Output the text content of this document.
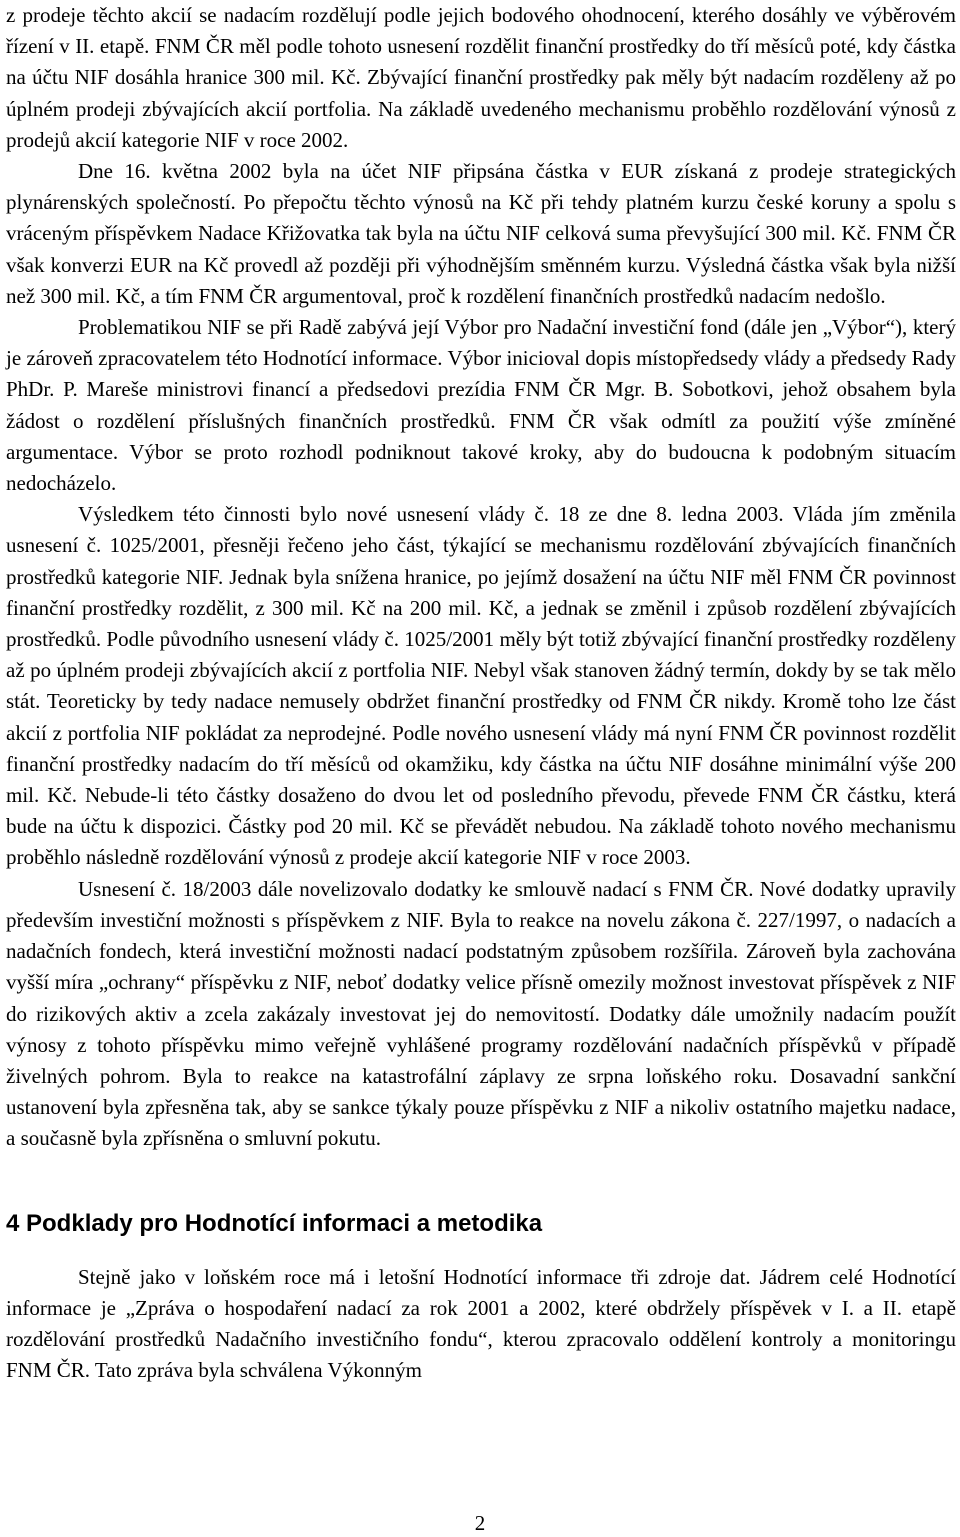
z prodeje těchto akcií se nadacím rozdělují podle jejich bodového ohodnocení, kterého dosáhly ve výběrovém řízení v II. etapě. FNM ČR měl podle tohoto usnesení rozdělit finanční prostředky do tří měsíců poté, kdy částka na účtu NIF dosáhla hranice 300 mil. Kč. Zbývající finanční prostředky pak měly být nadacím rozděleny až po úplném prodeji zbývajících akcií portfolia. Na základě uvedeného mechanismu proběhlo rozdělování výnosů z prodejů akcií kategorie NIF v roce 2002.

Dne 16. května 2002 byla na účet NIF připsána částka v EUR získaná z prodeje strategických plynárenských společností. Po přepočtu těchto výnosů na Kč při tehdy platném kurzu české koruny a spolu s vráceným příspěvkem Nadace Křižovatka tak byla na účtu NIF celková suma převyšující 300 mil. Kč. FNM ČR však konverzi EUR na Kč provedl až později při výhodnějším směnném kurzu. Výsledná částka však byla nižší než 300 mil. Kč, a tím FNM ČR argumentoval, proč k rozdělení finančních prostředků nadacím nedošlo.

Problematikou NIF se při Radě zabývá její Výbor pro Nadační investiční fond (dále jen „Výbor“), který je zároveň zpracovatelem této Hodnotící informace. Výbor inicioval dopis místopředsedy vlády a předsedy Rady PhDr. P. Mareše ministrovi financí a předsedovi prezídia FNM ČR Mgr. B. Sobotkovi, jehož obsahem byla žádost o rozdělení příslušných finančních prostředků. FNM ČR však odmítl za použití výše zmíněné argumentace. Výbor se proto rozhodl podniknout takové kroky, aby do budoucna k podobným situacím nedocházelo.

Výsledkem této činnosti bylo nové usnesení vlády č. 18 ze dne 8. ledna 2003. Vláda jím změnila usnesení č. 1025/2001, přesněji řečeno jeho část, týkající se mechanismu rozdělování zbývajících finančních prostředků kategorie NIF. Jednak byla snížena hranice, po jejímž dosažení na účtu NIF měl FNM ČR povinnost finanční prostředky rozdělit, z 300 mil. Kč na 200 mil. Kč, a jednak se změnil i způsob rozdělení zbývajících prostředků. Podle původního usnesení vlády č. 1025/2001 měly být totiž zbývající finanční prostředky rozděleny až po úplném prodeji zbývajících akcií z portfolia NIF. Nebyl však stanoven žádný termín, dokdy by se tak mělo stát. Teoreticky by tedy nadace nemusely obdržet finanční prostředky od FNM ČR nikdy. Kromě toho lze část akcií z portfolia NIF pokládat za neprodejné. Podle nového usnesení vlády má nyní FNM ČR povinnost rozdělit finanční prostředky nadacím do tří měsíců od okamžiku, kdy částka na účtu NIF dosáhne minimální výše 200 mil. Kč. Nebude-li této částky dosaženo do dvou let od posledního převodu, převede FNM ČR částku, která bude na účtu k dispozici. Částky pod 20 mil. Kč se převádět nebudou. Na základě tohoto nového mechanismu proběhlo následně rozdělování výnosů z prodeje akcií kategorie NIF v roce 2003.

Usnesení č. 18/2003 dále novelizovalo dodatky ke smlouvě nadací s FNM ČR. Nové dodatky upravily především investiční možnosti s příspěvkem z NIF. Byla to reakce na novelu zákona č. 227/1997, o nadacích a nadačních fondech, která investiční možnosti nadací podstatným způsobem rozšířila. Zároveň byla zachována vyšší míra „ochrany“ příspěvku z NIF, neboť dodatky velice přísně omezily možnost investovat příspěvek z NIF do rizikových aktiv a zcela zakázaly investovat jej do nemovitostí. Dodatky dále umožnily nadacím použít výnosy z tohoto příspěvku mimo veřejně vyhlášené programy rozdělování nadačních příspěvků v případě živelných pohrom. Byla to reakce na katastrofální záplavy ze srpna loňského roku. Dosavadní sankční ustanovení byla zpřesněna tak, aby se sankce týkaly pouze příspěvku z NIF a nikoliv ostatního majetku nadace, a současně byla zpřísněna o smluvní pokutu.

4 Podklady pro Hodnotící informaci a metodika

Stejně jako v loňském roce má i letošní Hodnotící informace tři zdroje dat. Jádrem celé Hodnotící informace je „Zpráva o hospodaření nadací za rok 2001 a 2002, které obdržely příspěvek v I. a II. etapě rozdělování prostředků Nadačního investičního fondu“, kterou zpracovalo oddělení kontroly a monitoringu FNM ČR. Tato zpráva byla schválena Výkonným

2
